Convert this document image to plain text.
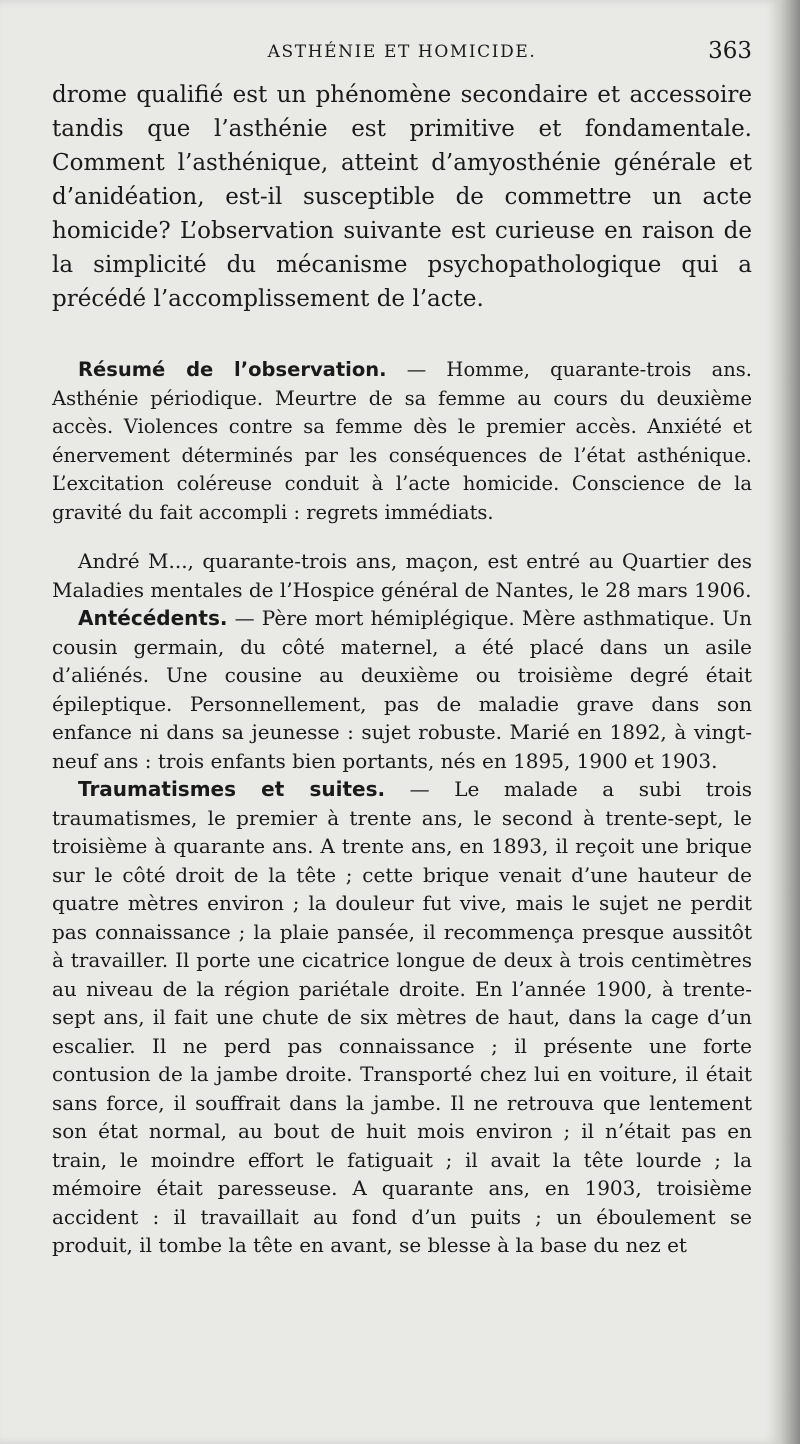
ASTHÉNIE ET HOMICIDE.	363

drome qualifié est un phénomène secondaire et accessoire tandis que l’asthénie est primitive et fondamentale. Comment l’asthénique, atteint d’amyosthénie générale et d’anidéation, est-il susceptible de commettre un acte homicide? L’observation suivante est curieuse en raison de la simplicité du mécanisme psychopathologique qui a précédé l’accomplissement de l’acte.

Résumé de l’observation. — Homme, quarante-trois ans. Asthénie périodique. Meurtre de sa femme au cours du deuxième accès. Violences contre sa femme dès le premier accès. Anxiété et énervement déterminés par les conséquences de l’état asthénique. L’excitation coléreuse conduit à l’acte homicide. Conscience de la gravité du fait accompli : regrets immédiats.

André M..., quarante-trois ans, maçon, est entré au Quartier des Maladies mentales de l’Hospice général de Nantes, le 28 mars 1906.

Antécédents. — Père mort hémiplégique. Mère asthmatique. Un cousin germain, du côté maternel, a été placé dans un asile d’aliénés. Une cousine au deuxième ou troisième degré était épileptique. Personnellement, pas de maladie grave dans son enfance ni dans sa jeunesse : sujet robuste. Marié en 1892, à vingt-neuf ans : trois enfants bien portants, nés en 1895, 1900 et 1903.

Traumatismes et suites. — Le malade a subi trois traumatismes, le premier à trente ans, le second à trente-sept, le troisième à quarante ans. A trente ans, en 1893, il reçoit une brique sur le côté droit de la tête ; cette brique venait d’une hauteur de quatre mètres environ ; la douleur fut vive, mais le sujet ne perdit pas connaissance ; la plaie pansée, il recommença presque aussitôt à travailler. Il porte une cicatrice longue de deux à trois centimètres au niveau de la région pariétale droite. En l’année 1900, à trente-sept ans, il fait une chute de six mètres de haut, dans la cage d’un escalier. Il ne perd pas connaissance ; il présente une forte contusion de la jambe droite. Transporté chez lui en voiture, il était sans force, il souffrait dans la jambe. Il ne retrouva que lentement son état normal, au bout de huit mois environ ; il n’était pas en train, le moindre effort le fatiguait ; il avait la tête lourde ; la mémoire était paresseuse. A quarante ans, en 1903, troisième accident : il travaillait au fond d’un puits ; un éboulement se produit, il tombe la tête en avant, se blesse à la base du nez et
